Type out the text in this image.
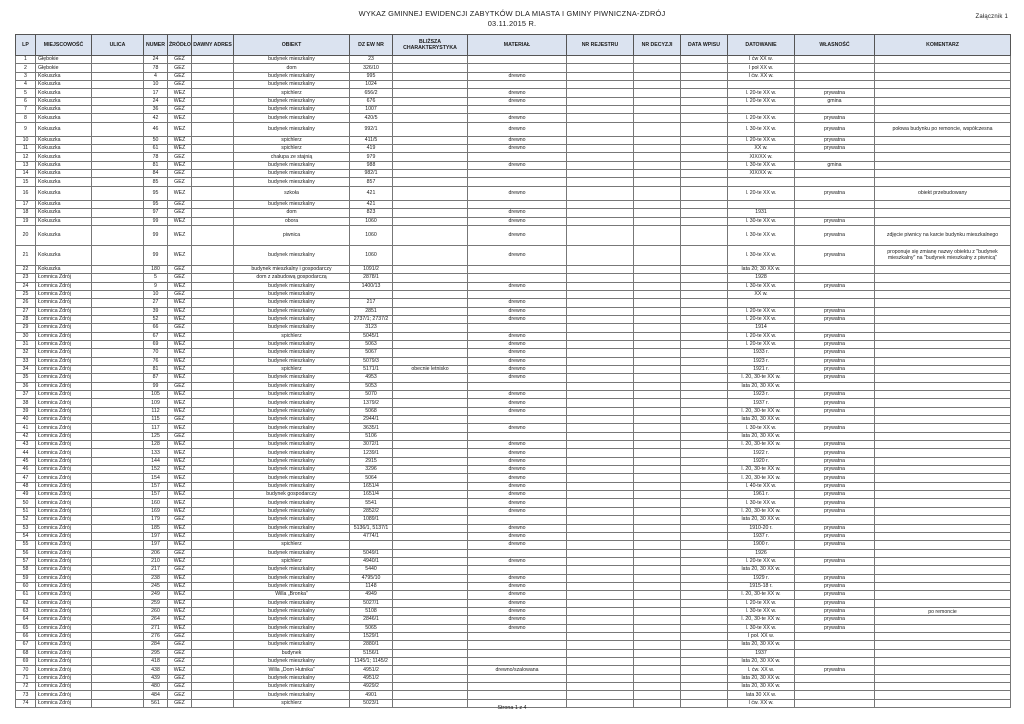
WYKAZ GMINNEJ EWIDENCJI ZABYTKÓW DLA MIASTA I GMINY PIWNICZNA-ZDRÓJ
03.11.2015 R.
Załącznik 1
LP	MIEJSCOWOŚĆ	ULICA	NUMER	ŹRÓDŁO	DAWNY ADRES	OBIEKT	DZ EW NR	BLIŻSZA CHARAKTERYSTYKA	MATERIAŁ	NR REJESTRU	NR DECYZJI	DATA WPISU	DATOWANIE	WŁASNOŚĆ	KOMENTARZ
1	Głębokie		24	GEZ		budynek mieszkalny	23						I ćw XX w.		
2	Głębokie		78	GEZ		dom	326/10						I poł XX w.		
3	Kokuszka		4	GEZ		budynek mieszkalny	995		drewno				I ćw. XX w.		
4	Kokuszka		10	GEZ		budynek mieszkalny	1024								
5	Kokuszka		17	WEZ		spichlerz	656/2		drewno				l. 20-te XX w.	prywatna	
6	Kokuszka		24	WEZ		budynek mieszkalny	676		drewno				l. 20-te XX w.	gmina	
7	Kokuszka		36	GEZ		budynek mieszkalny	1007								
8	Kokuszka		42	WEZ		budynek mieszkalny	420/5		drewno				l. 20-te XX w.	prywatna	
9	Kokuszka		46	WEZ		budynek mieszkalny	992/1		drewno				l. 30-te XX w.	prywatna	połowa budynku po remoncie, współczesna
10	Kokuszka		50	WEZ		spichlerz	411/5		drewno				l. 20-te XX w.	prywatna	
11	Kokuszka		61	WEZ		spichlerz	419		drewno				XX w.	prywatna	
12	Kokuszka		78	GEZ		chałupa ze stajnią	979						XIX/XX w.		
13	Kokuszka		81	WEZ		budynek mieszkalny	988		drewno				l. 30-te XX w.	gmina	
14	Kokuszka		84	GEZ		budynek mieszkalny	982/1						XIX/XX w.		
15	Kokuszka		85	GEZ		budynek mieszkalny	857								
16	Kokuszka		95	WEZ		szkoła	421		drewno				l. 20-te XX w.	prywatna	obiekt przebudowany
17	Kokuszka		95	GEZ		budynek mieszkalny	421								
18	Kokuszka		97	GEZ		dom	823		drewno				1931		
19	Kokuszka		99	WEZ		obora	1060		drewno				l. 30-te XX w.	prywatna	
20	Kokuszka		99	WEZ		piwnica	1060		drewno				l. 30-te XX w.	prywatna	zdjęcie piwnicy na karcie budynku mieszkalnego
21	Kokuszka		99	WEZ		budynek mieszkalny	1060		drewno				l. 30-te XX w.	prywatna	proponuje się zmianę nazwy obiektu z "budynek mieszkalny" na "budynek mieszkalny z piwnicą"
22	Kokuszka		180	GEZ		budynek mieszkalny i gospodarczy	1091/2						lata 20; 30 XX w.		
23	Łomnica Zdrój		5	GEZ		dom z zabudową gospodarczą	2878/1						1928		
24	Łomnica Zdrój		9	WEZ		budynek mieszkalny	1400/13		drewno				l. 30-te XX w.	prywatna	
25	Łomnica Zdrój		10	GEZ		budynek mieszkalny							XX w.		
26	Łomnica Zdrój		27	WEZ		budynek mieszkalny	217		drewno						
27	Łomnica Zdrój		39	WEZ		budynek mieszkalny	2851		drewno				l. 20-te XX w.	prywatna	
28	Łomnica Zdrój		52	WEZ		budynek mieszkalny	2737/1; 2737/2		drewno				l. 20-te XX w.	prywatna	
29	Łomnica Zdrój		66	GEZ		budynek mieszkalny	3123						1914		
30	Łomnica Zdrój		67	WEZ		spichlerz	5045/1		drewno				l. 20-te XX w.	prywatna	
31	Łomnica Zdrój		69	WEZ		budynek mieszkalny	5063		drewno				l. 20-te XX w.	prywatna	
32	Łomnica Zdrój		70	WEZ		budynek mieszkalny	5067		drewno				1933 r.	prywatna	
33	Łomnica Zdrój		76	WEZ		budynek mieszkalny	5079/3		drewno				1923 r.	prywatna	
34	Łomnica Zdrój		81	WEZ		spichlerz	5171/1	obecnie letnisko	drewno				1921 r.	prywatna	
35	Łomnica Zdrój		87	WEZ		budynek mieszkalny	4953		drewno				l. 20, 30-te XX w.	prywatna	
36	Łomnica Zdrój		99	GEZ		budynek mieszkalny	5053						lata 20, 30 XX w.		
37	Łomnica Zdrój		105	WEZ		budynek mieszkalny	5070		drewno				1923 r.	prywatna	
38	Łomnica Zdrój		109	WEZ		budynek mieszkalny	1379/2		drewno				1937 r.	prywatna	
39	Łomnica Zdrój		112	WEZ		budynek mieszkalny	5068		drewno				l. 20, 30-te XX w.	prywatna	
40	Łomnica Zdrój		115	GEZ		budynek mieszkalny	2944/1						lata 20, 30 XX w.		
41	Łomnica Zdrój		117	WEZ		budynek mieszkalny	3635/1		drewno				l. 30-te XX w.	prywatna	
42	Łomnica Zdrój		125	GEZ		budynek mieszkalny	5106						lata 20, 30 XX w.		
43	Łomnica Zdrój		128	WEZ		budynek mieszkalny	3072/1		drewno				l. 20, 30-te XX w.	prywatna	
44	Łomnica Zdrój		133	WEZ		budynek mieszkalny	1239/1		drewno				1922 r.	prywatna	
45	Łomnica Zdrój		144	WEZ		budynek mieszkalny	2915		drewno				1920 r.	prywatna	
46	Łomnica Zdrój		152	WEZ		budynek mieszkalny	3296		drewno				l. 20, 30-te XX w.	prywatna	
47	Łomnica Zdrój		154	WEZ		budynek mieszkalny	5064		drewno				l. 20, 30-te XX w.	prywatna	
48	Łomnica Zdrój		157	WEZ		budynek mieszkalny	1651/4		drewno				l. 40-te XX w.	prywatna	
49	Łomnica Zdrój		157	WEZ		budynek gospodarczy	1651/4		drewno				1961 r.	prywatna	
50	Łomnica Zdrój		160	WEZ		budynek mieszkalny	5541		drewno				l. 30-te XX w.	prywatna	
51	Łomnica Zdrój		169	WEZ		budynek mieszkalny	2852/2		drewno				l. 20, 30-te XX w.	prywatna	
52	Łomnica Zdrój		179	GEZ		budynek mieszkalny	1089/1						lata 20, 30 XX w.		
53	Łomnica Zdrój		185	WEZ		budynek mieszkalny	5136/1, 5137/1		drewno				1910-20 r.	prywatna	
54	Łomnica Zdrój		197	WEZ		budynek mieszkalny	4774/1		drewno				1937 r.	prywatna	
55	Łomnica Zdrój		197	WEZ		spichlerz			drewno				1900 r.	prywatna	
56	Łomnica Zdrój		206	GEZ		budynek mieszkalny	5049/1						1926		
57	Łomnica Zdrój		210	WEZ		spichlerz	4940/1		drewno				l. 20-te XX w.	prywatna	
58	Łomnica Zdrój		217	GEZ		budynek mieszkalny	5440						lata 20, 30 XX w.		
59	Łomnica Zdrój		238	WEZ		budynek mieszkalny	4795/10		drewno				1929 r.	prywatna	
60	Łomnica Zdrój		245	WEZ		budynek mieszkalny	1148		drewno				1915-18 r.	prywatna	
61	Łomnica Zdrój		249	WEZ		Willa „Bronka”	4949		drewno				l. 20, 30-te XX w.	prywatna	
62	Łomnica Zdrój		259	WEZ		budynek mieszkalny	5027/1		drewno				l. 20-te XX w.	prywatna	
63	Łomnica Zdrój		260	WEZ		budynek mieszkalny	5108		drewno				l. 30-te XX w.	prywatna	po remoncie
64	Łomnica Zdrój		264	WEZ		budynek mieszkalny	2846/1		drewno				l. 20, 30-te XX w.	prywatna	
65	Łomnica Zdrój		271	WEZ		budynek mieszkalny	5065		drewno				l. 30-te XX w.	prywatna	
66	Łomnica Zdrój		276	GEZ		budynek mieszkalny	1529/1						I poł. XX w.		
67	Łomnica Zdrój		284	GEZ		budynek mieszkalny	2880/1						lata 20, 30 XX w.		
68	Łomnica Zdrój		295	GEZ		budynek	5156/1						1937		
69	Łomnica Zdrój		418	GEZ		budynek mieszkalny	1145/1; 1145/2						lata 20, 30 XX w.		
70	Łomnica Zdrój		438	WEZ		Willa „Dom Hutnika”	4951/2		drewno/szalowana				l. ćw. XX w.	prywatna	
71	Łomnica Zdrój		439	GEZ		budynek mieszkalny	4951/2						lata 20, 30 XX w.		
72	Łomnica Zdrój		480	GEZ		budynek mieszkalny	4929/2						lata 20, 30 XX w.		
73	Łomnica Zdrój		484	GEZ		budynek mieszkalny	4901						lata 30 XX w.		
74	Łomnica Zdrój		561	GEZ		spichlerz	5023/1						I ćw. XX w.		
Strona 1 z 4
